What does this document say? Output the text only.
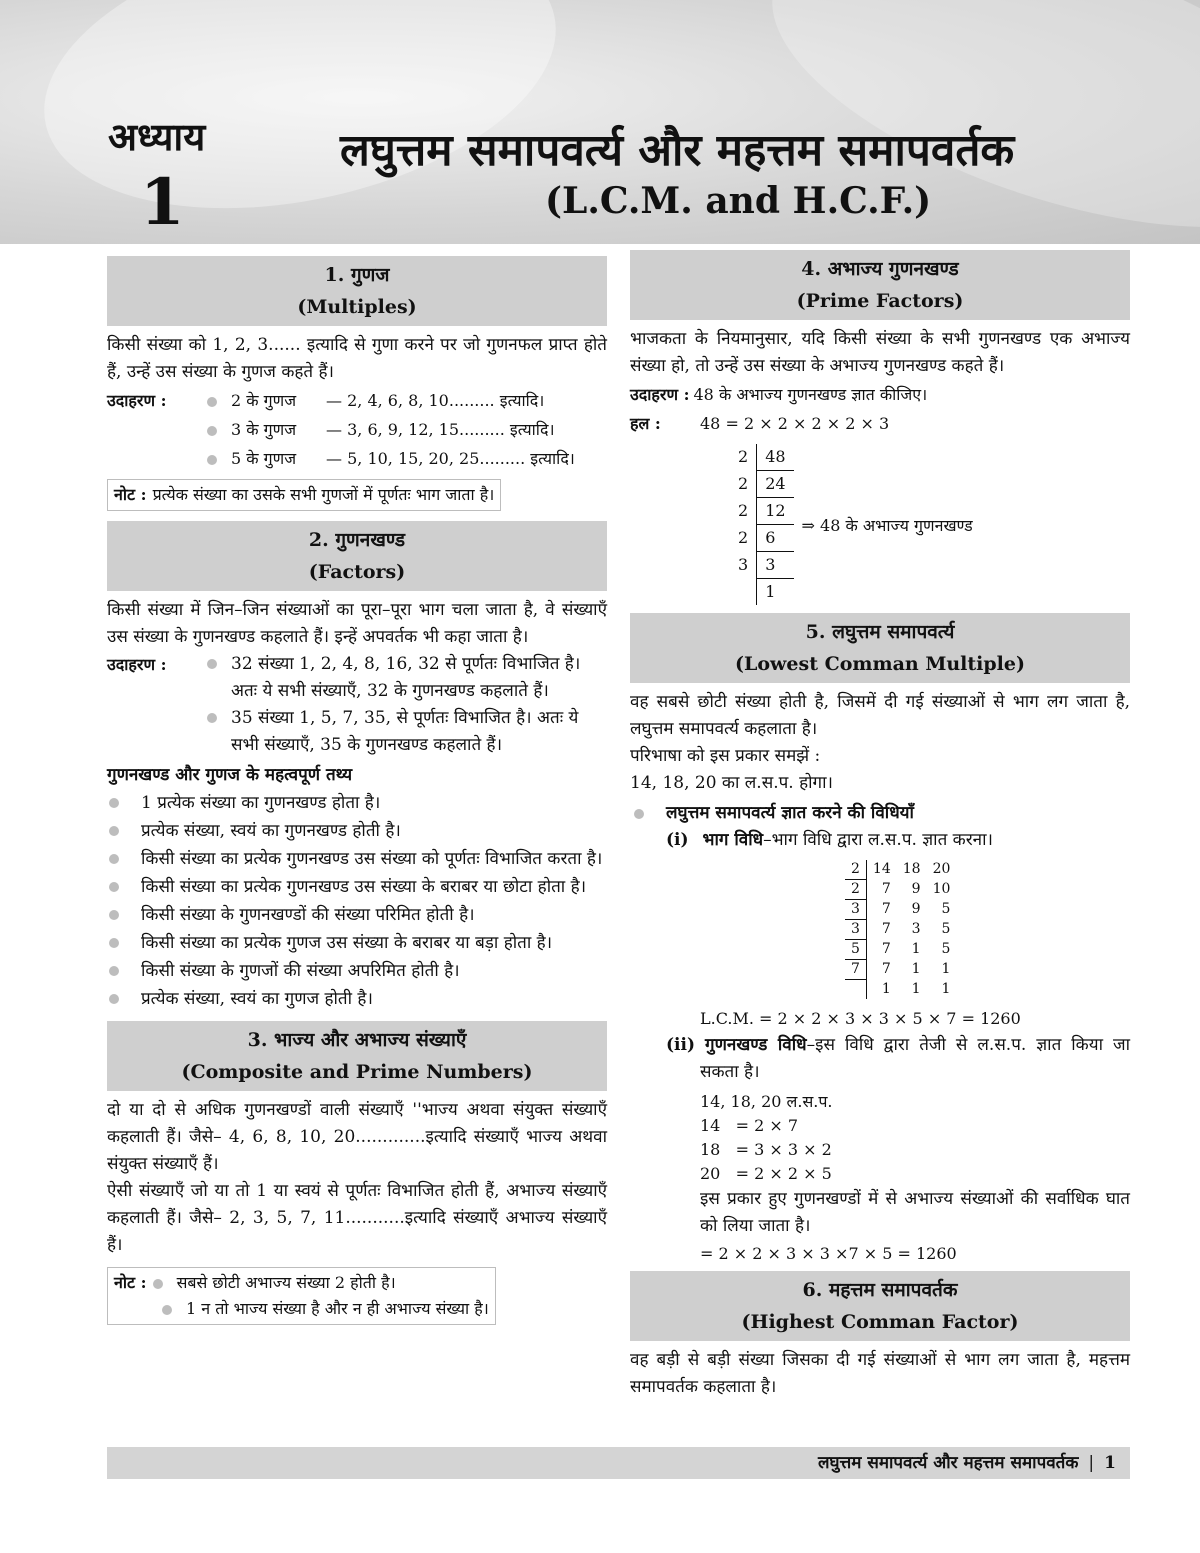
अध्याय
1
लघुत्तम समापवर्त्य और महत्तम समापवर्तक
(L.C.M. and H.C.F.)
1. गुणज
(Multiples)

किसी संख्या को 1, 2, 3...... इत्यादि से गुणा करने पर जो गुणनफल प्राप्त होते हैं, उन्हें उस संख्या के गुणज कहते हैं।

उदाहरण :	2 के गुणज — 2, 4, 6, 8, 10......... इत्यादि।
3 के गुणज — 3, 6, 9, 12, 15......... इत्यादि।
5 के गुणज — 5, 10, 15, 20, 25......... इत्यादि।
नोट : प्रत्येक संख्या का उसके सभी गुणजों में पूर्णतः भाग जाता है।
2. गुणनखण्ड
(Factors)

किसी संख्या में जिन–जिन संख्याओं का पूरा–पूरा भाग चला जाता है, वे संख्याएँ उस संख्या के गुणनखण्ड कहलाते हैं। इन्हें अपवर्तक भी कहा जाता है।

उदाहरण :	32 संख्या 1, 2, 4, 8, 16, 32 से पूर्णतः विभाजित है। अतः ये सभी संख्याएँ, 32 के गुणनखण्ड कहलाते हैं।
35 संख्या 1, 5, 7, 35, से पूर्णतः विभाजित है। अतः ये सभी संख्याएँ, 35 के गुणनखण्ड कहलाते हैं।
गुणनखण्ड और गुणज के महत्वपूर्ण तथ्य
1 प्रत्येक संख्या का गुणनखण्ड होता है।
प्रत्येक संख्या, स्वयं का गुणनखण्ड होती है।
किसी संख्या का प्रत्येक गुणनखण्ड उस संख्या को पूर्णतः विभाजित करता है।
किसी संख्या का प्रत्येक गुणनखण्ड उस संख्या के बराबर या छोटा होता है।
किसी संख्या के गुणनखण्डों की संख्या परिमित होती है।
किसी संख्या का प्रत्येक गुणज उस संख्या के बराबर या बड़ा होता है।
किसी संख्या के गुणजों की संख्या अपरिमित होती है।
प्रत्येक संख्या, स्वयं का गुणज होती है।
3. भाज्य और अभाज्य संख्याएँ
(Composite and Prime Numbers)

दो या दो से अधिक गुणनखण्डों वाली संख्याएँ ''भाज्य अथवा संयुक्त संख्याएँ कहलाती हैं। जैसे– 4, 6, 8, 10, 20.............इत्यादि संख्याएँ भाज्य अथवा संयुक्त संख्याएँ हैं।

ऐसी संख्याएँ जो या तो 1 या स्वयं से पूर्णतः विभाजित होती हैं, अभाज्य संख्याएँ कहलाती हैं। जैसे– 2, 3, 5, 7, 11...........इत्यादि संख्याएँ अभाज्य संख्याएँ हैं।

नोट : सबसे छोटी अभाज्य संख्या 2 होती है।
1 न तो भाज्य संख्या है और न ही अभाज्य संख्या है।
4. अभाज्य गुणनखण्ड
(Prime Factors)

भाजकता के नियमानुसार, यदि किसी संख्या के सभी गुणनखण्ड एक अभाज्य संख्या हो, तो उन्हें उस संख्या के अभाज्य गुणनखण्ड कहते हैं।

उदाहरण : 48 के अभाज्य गुणनखण्ड ज्ञात कीजिए।
हल :	48 = 2 × 2 × 2 × 2 × 3
2	48
2	24
2	12
2	6
3	3
	1
⇒ 48 के अभाज्य गुणनखण्ड
5. लघुत्तम समापवर्त्य
(Lowest Comman Multiple)

वह सबसे छोटी संख्या होती है, जिसमें दी गई संख्याओं से भाग लग जाता है, लघुत्तम समापवर्त्य कहलाता है।

परिभाषा को इस प्रकार समझें :

14, 18, 20 का ल.स.प. होगा।

लघुत्तम समापवर्त्य ज्ञात करने की विधियाँ
(i) भाग विधि–भाग विधि द्वारा ल.स.प. ज्ञात करना।
2	14	18	20
2	7	9	10
3	7	9	5
3	7	3	5
5	7	1	5
7	7	1	1
	1	1	1
L.C.M. = 2 × 2 × 3 × 3 × 5 × 7 = 1260
(ii) गुणनखण्ड विधि–इस विधि द्वारा तेजी से ल.स.प. ज्ञात किया जा सकता है।
14, 18, 20 ल.स.प.
14   = 2 × 7
18   = 3 × 3 × 2
20   = 2 × 2 × 5

इस प्रकार हुए गुणनखण्डों में से अभाज्य संख्याओं की सर्वाधिक घात को लिया जाता है।

= 2 × 2 × 3 × 3 ×7 × 5 = 1260
6. महत्तम समापवर्तक
(Highest Comman Factor)

वह बड़ी से बड़ी संख्या जिसका दी गई संख्याओं से भाग लग जाता है, महत्तम समापवर्तक कहलाता है।

लघुत्तम समापवर्त्य और महत्तम समापवर्तक | 1
